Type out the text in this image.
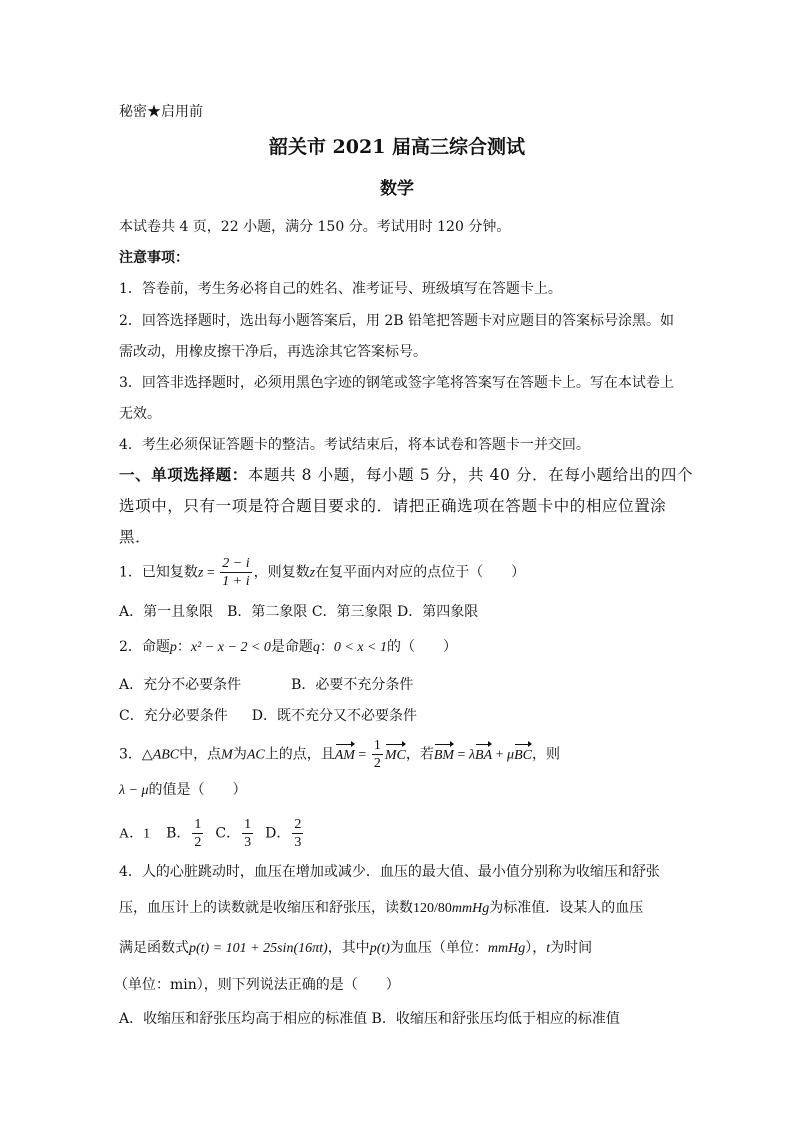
秘密★启用前
韶关市 2021 届高三综合测试
数学
本试卷共 4 页，22 小题，满分 150 分。考试用时 120 分钟。
注意事项：
1．答卷前，考生务必将自己的姓名、准考证号、班级填写在答题卡上。
2．回答选择题时，选出每小题答案后，用 2B 铅笔把答题卡对应题目的答案标号涂黑。如
需改动，用橡皮擦干净后，再选涂其它答案标号。
3．回答非选择题时，必须用黑色字迹的钢笔或签字笔将答案写在答题卡上。写在本试卷上
无效。
4．考生必须保证答题卡的整洁。考试结束后，将本试卷和答题卡一并交回。
一、单项选择题：本题共 8 小题，每小题 5 分，共 40 分．在每小题给出的四个
选项中，只有一项是符合题目要求的．请把正确选项在答题卡中的相应位置涂
黑．
1．已知复数$z = \frac{2 - i}{1 + i}$ ，则复数z在复平面内对应的点位于（　　）
A．第一且象限　B．第二象限 C．第三象限 D．第四象限
2．命题p：x² − x − 2 < 0是命题q：0 < x < 1的（　　）
A．充分不必要条件	B．必要不充分条件
C．充分必要条件 D．既不充分又不必要条件
3．△ABC中，点M为AC上的点，且AM = $\frac{1}{2}$ MC，若BM = λBA + μBC，则
λ − μ的值是（　　）
A．1 B． $\frac{1}{2}$ C． $\frac{1}{3}$ D． $\frac{2}{3}$
4．人的心脏跳动时，血压在增加或减少．血压的最大值、最小值分别称为收缩压和舒张
压，血压计上的读数就是收缩压和舒张压，读数120/80mmHg为标准值．设某人的血压
满足函数式p(t) = 101 + 25sin(16πt)，其中p(t)为血压（单位：mmHg），t为时间
（单位：min），则下列说法正确的是（　　）
A．收缩压和舒张压均高于相应的标准值 B．收缩压和舒张压均低于相应的标准值
